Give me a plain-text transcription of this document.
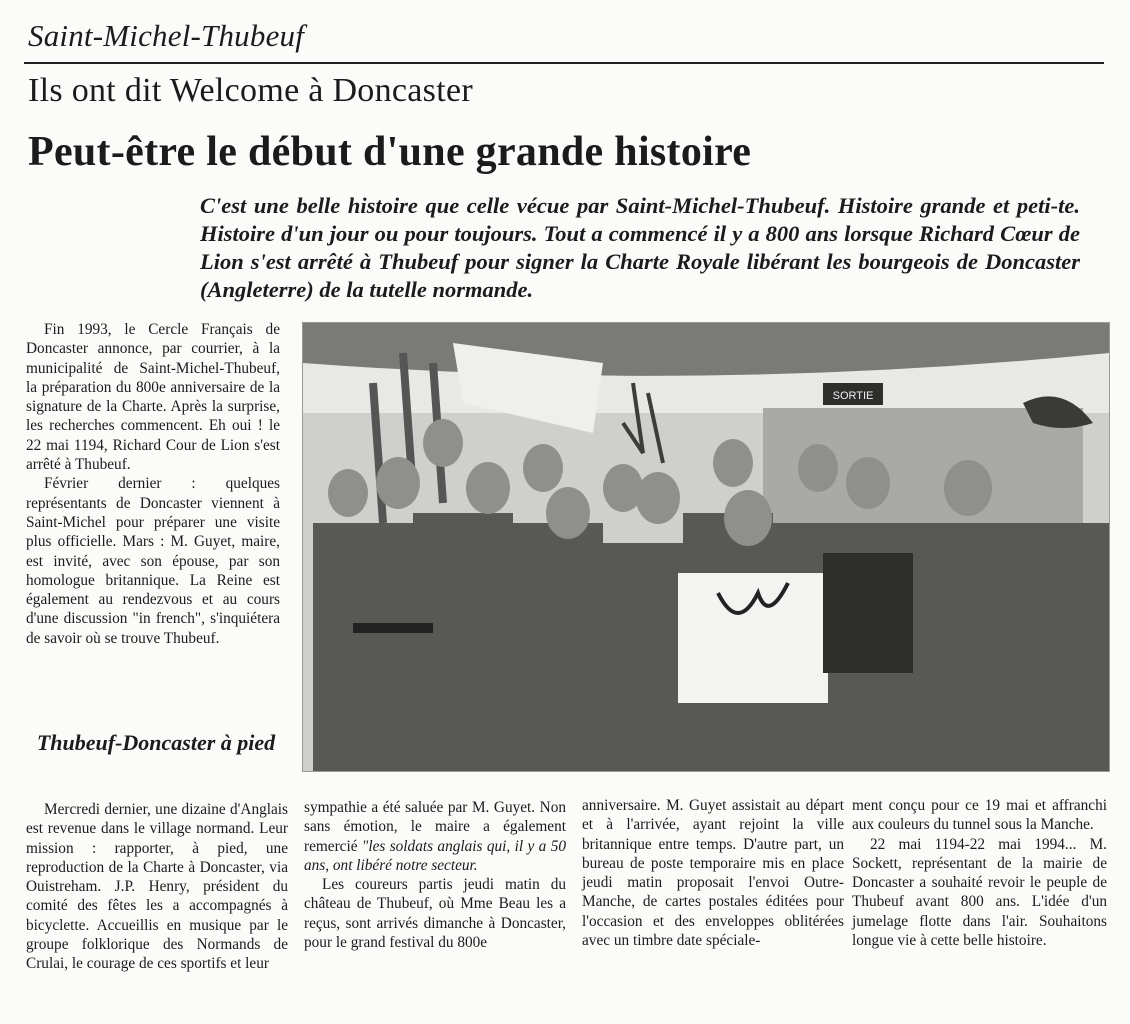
Saint-Michel-Thubeuf
Ils ont dit Welcome à Doncaster
Peut-être le début d'une grande histoire
C'est une belle histoire que celle vécue par Saint-Michel-Thubeuf. Histoire grande et peti-te. Histoire d'un jour ou pour toujours. Tout a commencé il y a 800 ans lorsque Richard Cœur de Lion s'est arrêté à Thubeuf pour signer la Charte Royale libérant les bourgeois de Doncaster (Angleterre) de la tutelle normande.

Fin 1993, le Cercle Français de Doncaster annonce, par courrier, à la municipalité de Saint-Michel-Thubeuf, la préparation du 800e anniversaire de la signature de la Charte. Après la surprise, les recherches commencent. Eh oui ! le 22 mai 1194, Richard Cour de Lion s'est arrêté à Thubeuf.

Février dernier : quelques représentants de Doncaster viennent à Saint-Michel pour préparer une visite plus officielle. Mars : M. Guyet, maire, est invité, avec son épouse, par son homologue britannique. La Reine est également au rendezvous et au cours d'une discussion "in french", s'inquiétera de savoir où se trouve Thubeuf.

Thubeuf-Doncaster à pied

Mercredi dernier, une dizaine d'Anglais est revenue dans le village normand. Leur mission : rapporter, à pied, une reproduction de la Charte à Doncaster, via Ouistreham. J.P. Henry, président du comité des fêtes les a accompagnés à bicyclette. Accueillis en musique par le groupe folklorique des Normands de Crulai, le courage de ces sportifs et leur

sympathie a été saluée par M. Guyet. Non sans émotion, le maire a également remercié "les soldats anglais qui, il y a 50 ans, ont libéré notre secteur.

Les coureurs partis jeudi matin du château de Thubeuf, où Mme Beau les a reçus, sont arrivés dimanche à Doncaster, pour le grand festival du 800e

anniversaire. M. Guyet assistait au départ et à l'arrivée, ayant rejoint la ville britannique entre temps. D'autre part, un bureau de poste temporaire mis en place jeudi matin proposait l'envoi Outre-Manche, de cartes postales éditées pour l'occasion et des enveloppes oblitérées avec un timbre date spéciale-

ment conçu pour ce 19 mai et affranchi aux couleurs du tunnel sous la Manche.

22 mai 1194-22 mai 1994... M. Sockett, représentant de la mairie de Doncaster a souhaité revoir le peuple de Thubeuf avant 800 ans. L'idée d'un jumelage flotte dans l'air. Souhaitons longue vie à cette belle histoire.

SORTIE
